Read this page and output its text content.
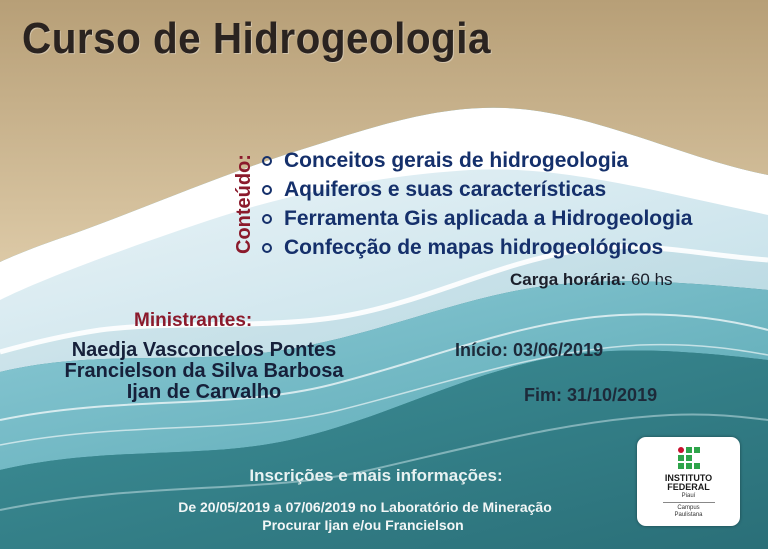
Curso de Hidrogeologia
Conteúdo: Conceitos gerais de hidrogeologia
Aquiferos e suas características
Ferramenta Gis aplicada a Hidrogeologia
Confecção de mapas hidrogeológicos
Carga horária: 60 hs
Ministrantes:
Naedja Vasconcelos Pontes
Francielson da Silva Barbosa
Ijan de Carvalho
Início: 03/06/2019
Fim: 31/10/2019
Inscrições e mais informações:
De 20/05/2019 a 07/06/2019 no Laboratório de Mineração
Procurar Ijan e/ou Francielson
INSTITUTO
FEDERAL
Piauí
Campus
Paulistana
